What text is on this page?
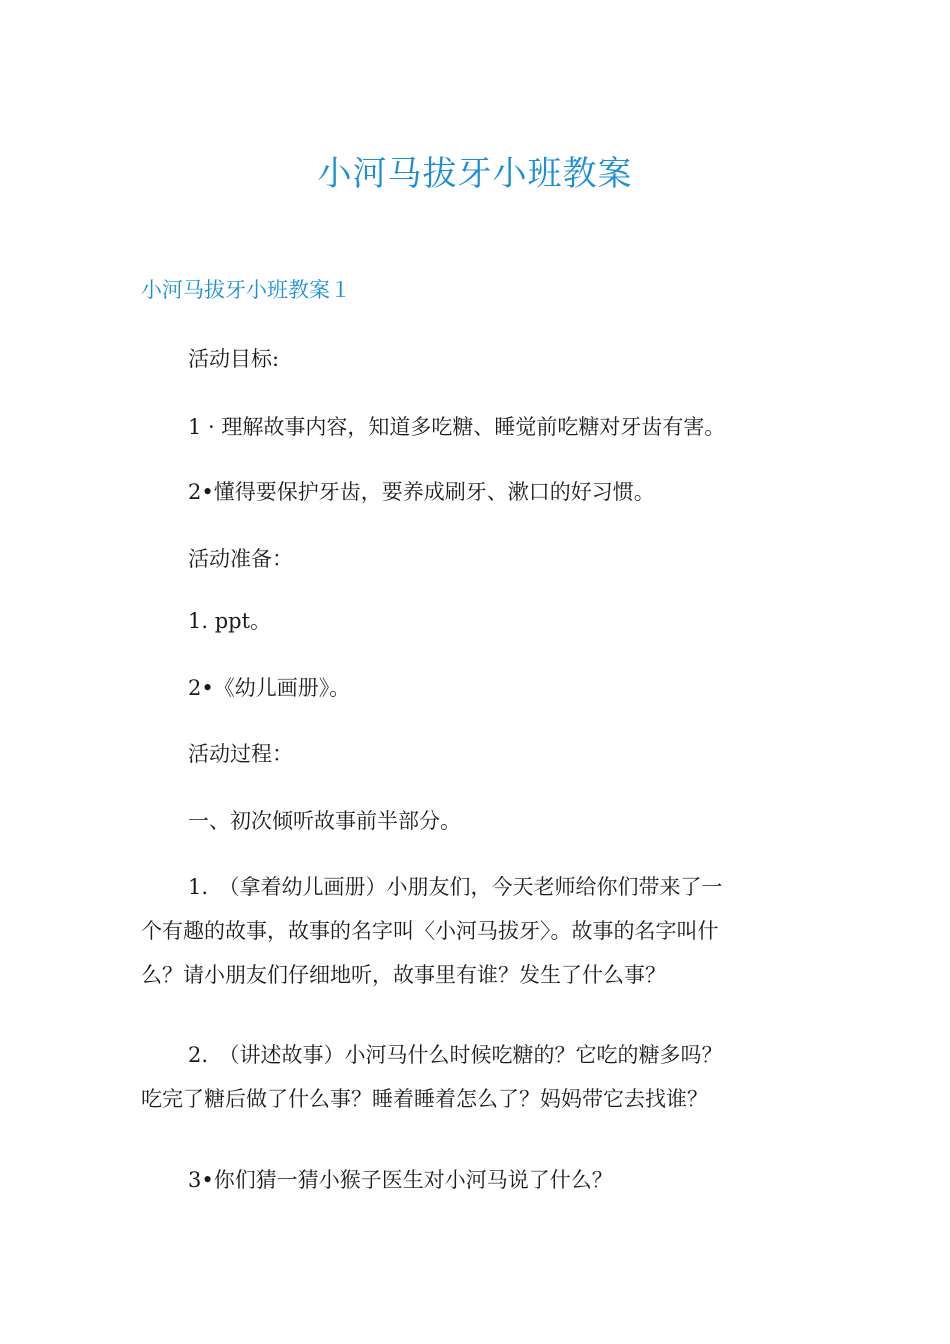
小河马拔牙小班教案
小河马拔牙小班教案１
活动目标:
1 · 理解故事内容，知道多吃糖、睡觉前吃糖对牙齿有害。
2•懂得要保护牙齿，要养成刷牙、漱口的好习惯。
活动准备：
1. ppt。
2•《幼儿画册》。
活动过程：
一、初次倾听故事前半部分。
1.　（拿着幼儿画册）小朋友们，今天老师给你们带来了一
个有趣的故事，故事的名字叫〈小河马拔牙〉。故事的名字叫什
么？请小朋友们仔细地听，故事里有谁？发生了什么事？
2.　（讲述故事）小河马什么时候吃糖的？它吃的糖多吗？
吃完了糖后做了什么事？睡着睡着怎么了？妈妈带它去找谁？
3•你们猜一猜小猴子医生对小河马说了什么？
